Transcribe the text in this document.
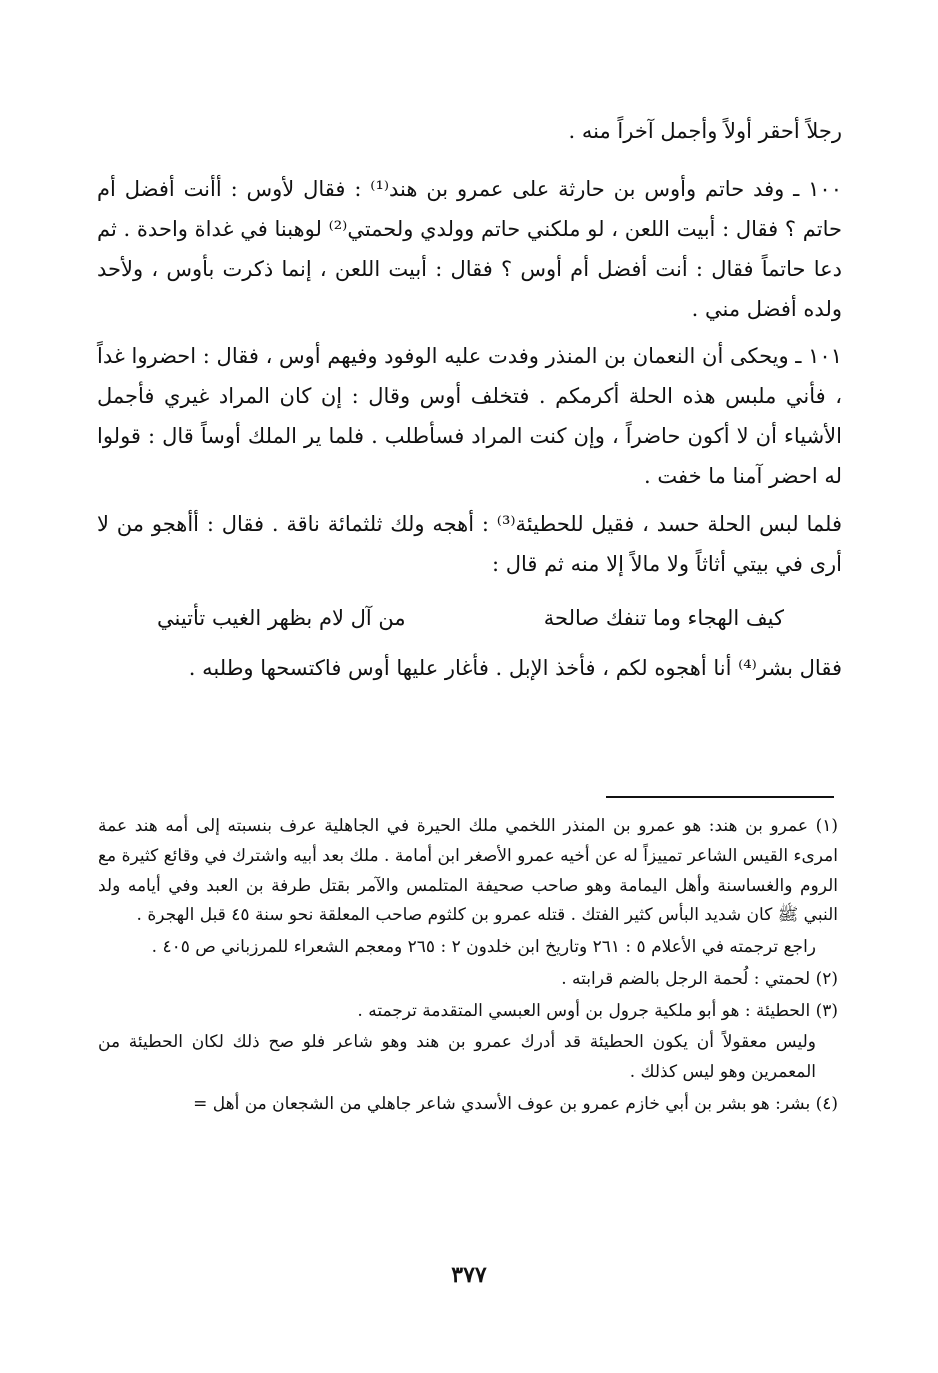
رجلاً أحقر أولاً وأجمل آخراً منه .

١٠٠ ـ وفد حاتم وأوس بن حارثة على عمرو بن هند⁽¹⁾ : فقال لأوس : أأنت أفضل أم حاتم ؟ فقال : أبيت اللعن ، لو ملكني حاتم وولدي ولحمتي⁽²⁾ لوهبنا في غداة واحدة . ثم دعا حاتماً فقال : أنت أفضل أم أوس ؟ فقال : أبيت اللعن ، إنما ذكرت بأوس ، ولأحد ولده أفضل مني .

١٠١ ـ ويحكى أن النعمان بن المنذر وفدت عليه الوفود وفيهم أوس ، فقال : احضروا غداً ، فأني ملبس هذه الحلة أكرمكم . فتخلف أوس وقال : إن كان المراد غيري فأجمل الأشياء أن لا أكون حاضراً ، وإن كنت المراد فسأطلب . فلما ير الملك أوساً قال : قولوا له احضر آمنا ما خفت .

فلما لبس الحلة حسد ، فقيل للحطيئة⁽³⁾ : أهجه ولك ثلثمائة ناقة . فقال : أأهجو من لا أرى في بيتي أثاثاً ولا مالاً إلا منه ثم قال :

كيف الهجاء وما تنفك صالحة
من آل لام بظهر الغيب تأتيني

فقال بشر⁽⁴⁾ أنا أهجوه لكم ، فأخذ الإبل . فأغار عليها أوس فاكتسحها وطلبه .

(١) عمرو بن هند: هو عمرو بن المنذر اللخمي ملك الحيرة في الجاهلية عرف بنسبته إلى أمه هند عمة امرىء القيس الشاعر تمييزاً له عن أخيه عمرو الأصغر ابن أمامة . ملك بعد أبيه واشترك في وقائع كثيرة مع الروم والغساسنة وأهل اليمامة وهو صاحب صحيفة المتلمس والآمر بقتل طرفة بن العبد وفي أيامه ولد النبي ﷺ كان شديد البأس كثير الفتك . قتله عمرو بن كلثوم صاحب المعلقة نحو سنة ٤٥ قبل الهجرة .

راجع ترجمته في الأعلام ٥ : ٢٦١ وتاريخ ابن خلدون ٢ : ٢٦٥ ومعجم الشعراء للمرزباني ص ٤٠٥ .

(٢) لحمتي : لُحمة الرجل بالضم قرابته .

(٣) الحطيئة : هو أبو ملكية جرول بن أوس العبسي المتقدمة ترجمته .

وليس معقولاً أن يكون الحطيئة قد أدرك عمرو بن هند وهو شاعر فلو صح ذلك لكان الحطيئة من المعمرين وهو ليس كذلك .

(٤) بشر: هو بشر بن أبي خازم عمرو بن عوف الأسدي شاعر جاهلي من الشجعان من أهل =

٣٧٧
